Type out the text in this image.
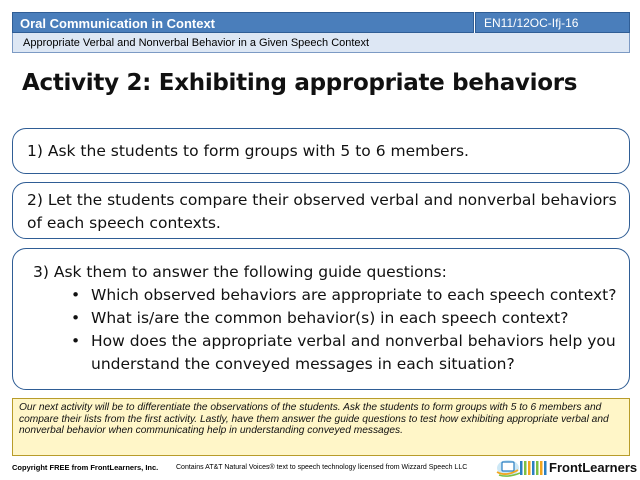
Oral Communication in Context	EN11/12OC-Ifj-16
Appropriate Verbal and Nonverbal Behavior in a Given Speech Context
Activity 2: Exhibiting appropriate behaviors
1) Ask the students to form groups with 5 to 6 members.
2) Let the students compare their observed verbal and nonverbal behaviors of each speech contexts.
3) Ask them to answer the following guide questions:
• Which observed behaviors are appropriate to each speech context?
• What is/are the common behavior(s) in each speech context?
• How does the appropriate verbal and nonverbal behaviors help you understand the conveyed messages in each situation?
Our next activity will be to differentiate the observations of the students. Ask the students to form groups with 5 to 6 members and compare their lists from the first activity. Lastly, have them answer the guide questions to test how exhibiting appropriate verbal and nonverbal behavior when communicating help in understanding conveyed messages.
Copyright FREE from FrontLearners, Inc.	Contains AT&T Natural Voices® text to speech technology licensed from Wizzard Speech LLC	FrontLearners
